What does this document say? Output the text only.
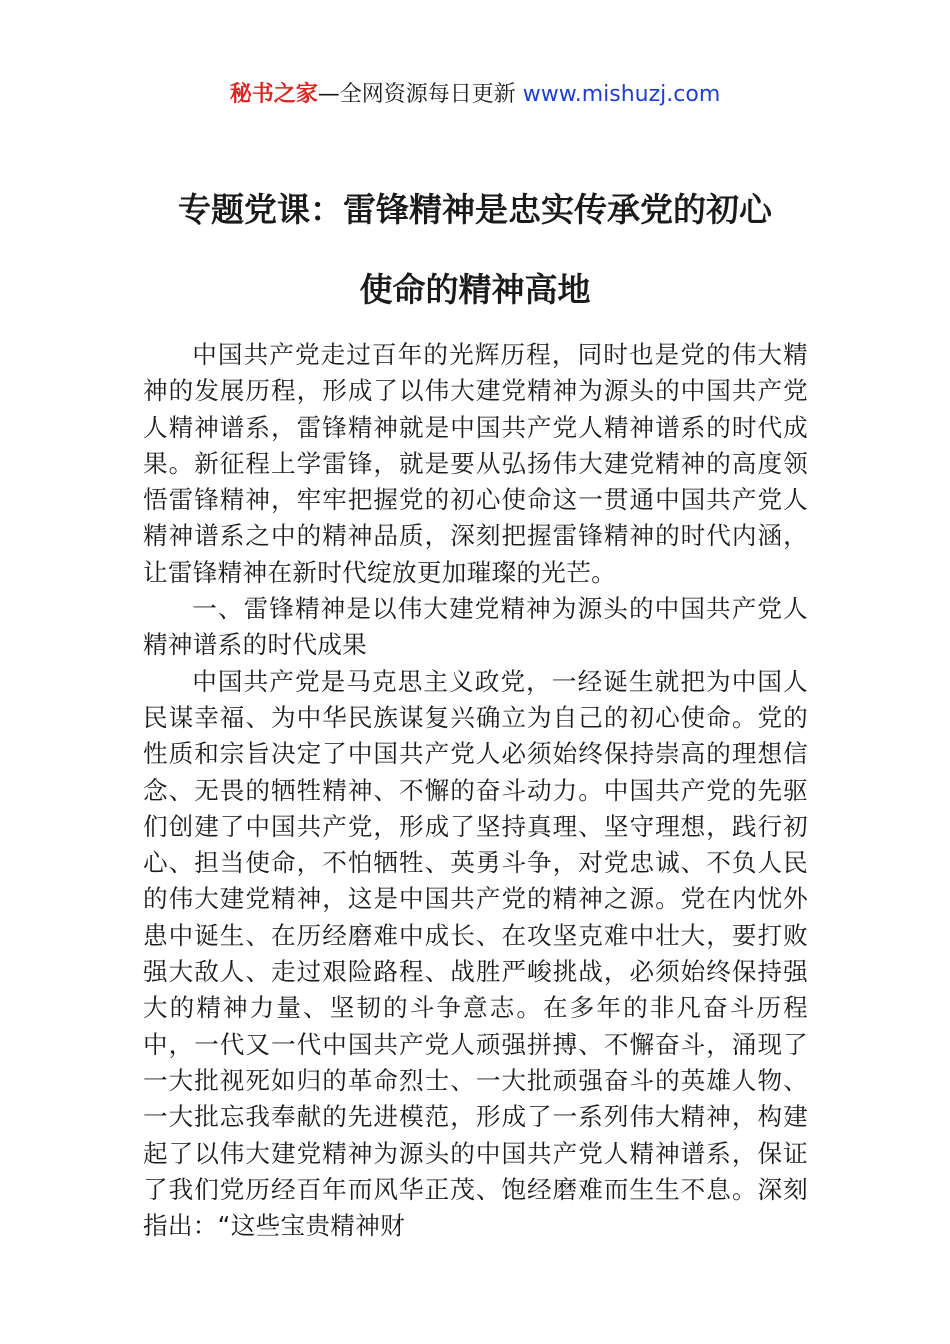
秘书之家—全网资源每日更新 www.mishuzj.com
专题党课：雷锋精神是忠实传承党的初心
使命的精神高地

中国共产党走过百年的光辉历程，同时也是党的伟大精神的发展历程，形成了以伟大建党精神为源头的中国共产党人精神谱系，雷锋精神就是中国共产党人精神谱系的时代成果。新征程上学雷锋，就是要从弘扬伟大建党精神的高度领悟雷锋精神，牢牢把握党的初心使命这一贯通中国共产党人精神谱系之中的精神品质，深刻把握雷锋精神的时代内涵，让雷锋精神在新时代绽放更加璀璨的光芒。

一、雷锋精神是以伟大建党精神为源头的中国共产党人精神谱系的时代成果

中国共产党是马克思主义政党，一经诞生就把为中国人民谋幸福、为中华民族谋复兴确立为自己的初心使命。党的性质和宗旨决定了中国共产党人必须始终保持崇高的理想信念、无畏的牺牲精神、不懈的奋斗动力。中国共产党的先驱们创建了中国共产党，形成了坚持真理、坚守理想，践行初心、担当使命，不怕牺牲、英勇斗争，对党忠诚、不负人民的伟大建党精神，这是中国共产党的精神之源。党在内忧外患中诞生、在历经磨难中成长、在攻坚克难中壮大，要打败强大敌人、走过艰险路程、战胜严峻挑战，必须始终保持强大的精神力量、坚韧的斗争意志。在多年的非凡奋斗历程中，一代又一代中国共产党人顽强拼搏、不懈奋斗，涌现了一大批视死如归的革命烈士、一大批顽强奋斗的英雄人物、一大批忘我奉献的先进模范，形成了一系列伟大精神，构建起了以伟大建党精神为源头的中国共产党人精神谱系，保证了我们党历经百年而风华正茂、饱经磨难而生生不息。深刻指出：“这些宝贵精神财
